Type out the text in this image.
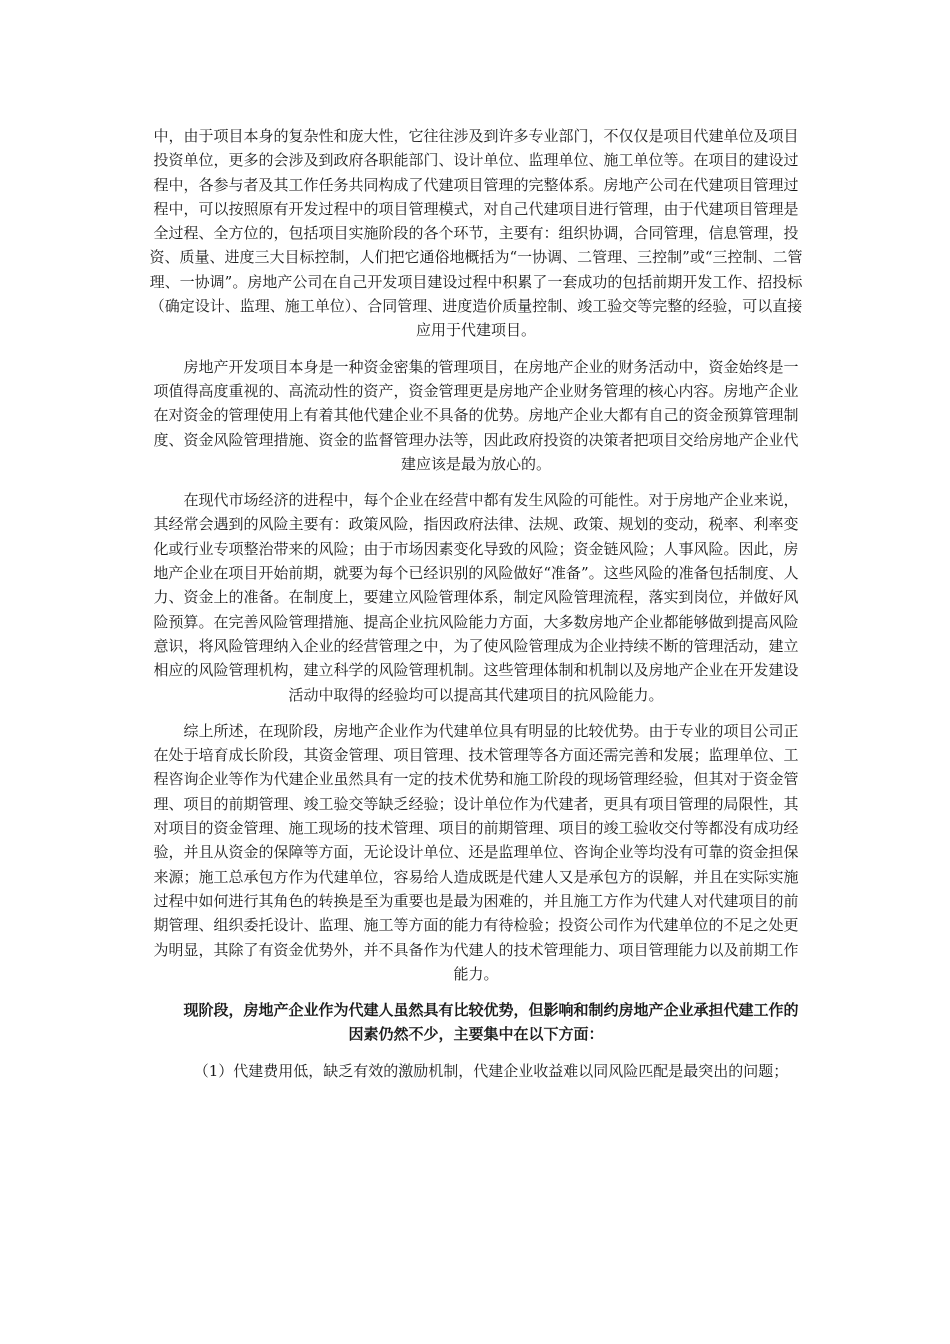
中，由于项目本身的复杂性和庞大性，它往往涉及到许多专业部门，不仅仅是项目代建单位及项目投资单位，更多的会涉及到政府各职能部门、设计单位、监理单位、施工单位等。在项目的建设过程中，各参与者及其工作任务共同构成了代建项目管理的完整体系。房地产公司在代建项目管理过程中，可以按照原有开发过程中的项目管理模式，对自己代建项目进行管理，由于代建项目管理是全过程、全方位的，包括项目实施阶段的各个环节，主要有：组织协调，合同管理，信息管理，投资、质量、进度三大目标控制，人们把它通俗地概括为“一协调、二管理、三控制”或“三控制、二管理、一协调”。房地产公司在自己开发项目建设过程中积累了一套成功的包括前期开发工作、招投标（确定设计、监理、施工单位）、合同管理、进度造价质量控制、竣工验交等完整的经验，可以直接应用于代建项目。

房地产开发项目本身是一种资金密集的管理项目，在房地产企业的财务活动中，资金始终是一项值得高度重视的、高流动性的资产，资金管理更是房地产企业财务管理的核心内容。房地产企业在对资金的管理使用上有着其他代建企业不具备的优势。房地产企业大都有自己的资金预算管理制度、资金风险管理措施、资金的监督管理办法等，因此政府投资的决策者把项目交给房地产企业代建应该是最为放心的。

在现代市场经济的进程中，每个企业在经营中都有发生风险的可能性。对于房地产企业来说，其经常会遇到的风险主要有：政策风险，指因政府法律、法规、政策、规划的变动，税率、利率变化或行业专项整治带来的风险；由于市场因素变化导致的风险；资金链风险；人事风险。因此，房地产企业在项目开始前期，就要为每个已经识别的风险做好“准备”。这些风险的准备包括制度、人力、资金上的准备。在制度上，要建立风险管理体系，制定风险管理流程，落实到岗位，并做好风险预算。在完善风险管理措施、提高企业抗风险能力方面，大多数房地产企业都能够做到提高风险意识，将风险管理纳入企业的经营管理之中，为了使风险管理成为企业持续不断的管理活动，建立相应的风险管理机构，建立科学的风险管理机制。这些管理体制和机制以及房地产企业在开发建设活动中取得的经验均可以提高其代建项目的抗风险能力。

综上所述，在现阶段，房地产企业作为代建单位具有明显的比较优势。由于专业的项目公司正在处于培育成长阶段，其资金管理、项目管理、技术管理等各方面还需完善和发展；监理单位、工程咨询企业等作为代建企业虽然具有一定的技术优势和施工阶段的现场管理经验，但其对于资金管理、项目的前期管理、竣工验交等缺乏经验；设计单位作为代建者，更具有项目管理的局限性，其对项目的资金管理、施工现场的技术管理、项目的前期管理、项目的竣工验收交付等都没有成功经验，并且从资金的保障等方面，无论设计单位、还是监理单位、咨询企业等均没有可靠的资金担保来源；施工总承包方作为代建单位，容易给人造成既是代建人又是承包方的误解，并且在实际实施过程中如何进行其角色的转换是至为重要也是最为困难的，并且施工方作为代建人对代建项目的前期管理、组织委托设计、监理、施工等方面的能力有待检验；投资公司作为代建单位的不足之处更为明显，其除了有资金优势外，并不具备作为代建人的技术管理能力、项目管理能力以及前期工作能力。

现阶段，房地产企业作为代建人虽然具有比较优势，但影响和制约房地产企业承担代建工作的因素仍然不少，主要集中在以下方面：

（1）代建费用低，缺乏有效的激励机制，代建企业收益难以同风险匹配是最突出的问题；
